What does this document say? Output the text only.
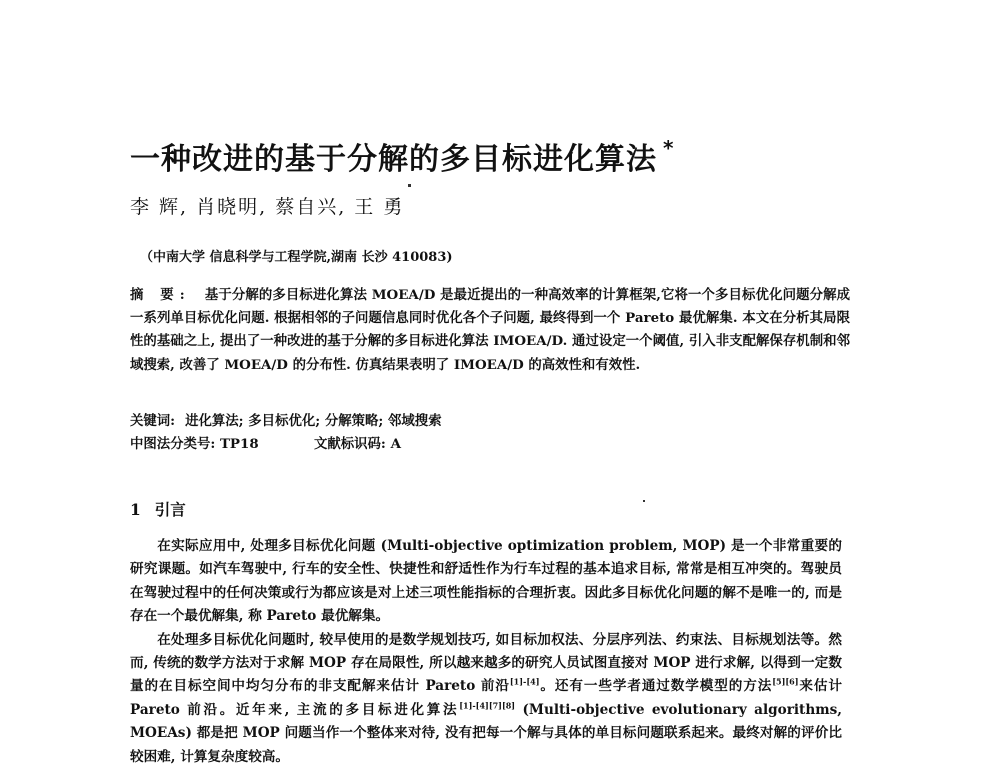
一种改进的基于分解的多目标进化算法 *
李 辉, 肖晓明, 蔡自兴, 王 勇
（中南大学 信息科学与工程学院,湖南 长沙 410083)
摘 要: 基于分解的多目标进化算法 MOEA/D 是最近提出的一种高效率的计算框架,它将一个多目标优化问题分解成一系列单目标优化问题. 根据相邻的子问题信息同时优化各个子问题, 最终得到一个 Pareto 最优解集. 本文在分析其局限性的基础之上, 提出了一种改进的基于分解的多目标进化算法 IMOEA/D. 通过设定一个阈值, 引入非支配解保存机制和邻域搜索, 改善了 MOEA/D 的分布性. 仿真结果表明了 IMOEA/D 的高效性和有效性.
关键词: 进化算法; 多目标优化; 分解策略; 邻域搜索
中图法分类号: TP18	文献标识码: A
1 引言

在实际应用中, 处理多目标优化问题 (Multi-objective optimization problem, MOP) 是一个非常重要的研究课题。如汽车驾驶中, 行车的安全性、快捷性和舒适性作为行车过程的基本追求目标, 常常是相互冲突的。驾驶员在驾驶过程中的任何决策或行为都应该是对上述三项性能指标的合理折衷。因此多目标优化问题的解不是唯一的, 而是存在一个最优解集, 称 Pareto 最优解集。

在处理多目标优化问题时, 较早使用的是数学规划技巧, 如目标加权法、分层序列法、约束法、目标规划法等。然而, 传统的数学方法对于求解 MOP 存在局限性, 所以越来越多的研究人员试图直接对 MOP 进行求解, 以得到一定数量的在目标空间中均匀分布的非支配解来估计 Pareto 前沿[1]-[4]。还有一些学者通过数学模型的方法[5][6]来估计 Pareto 前沿。近年来, 主流的多目标进化算法[1]-[4][7][8] (Multi-objective evolutionary algorithms, MOEAs) 都是把 MOP 问题当作一个整体来对待, 没有把每一个解与具体的单目标问题联系起来。最终对解的评价比较困难, 计算复杂度较高。
